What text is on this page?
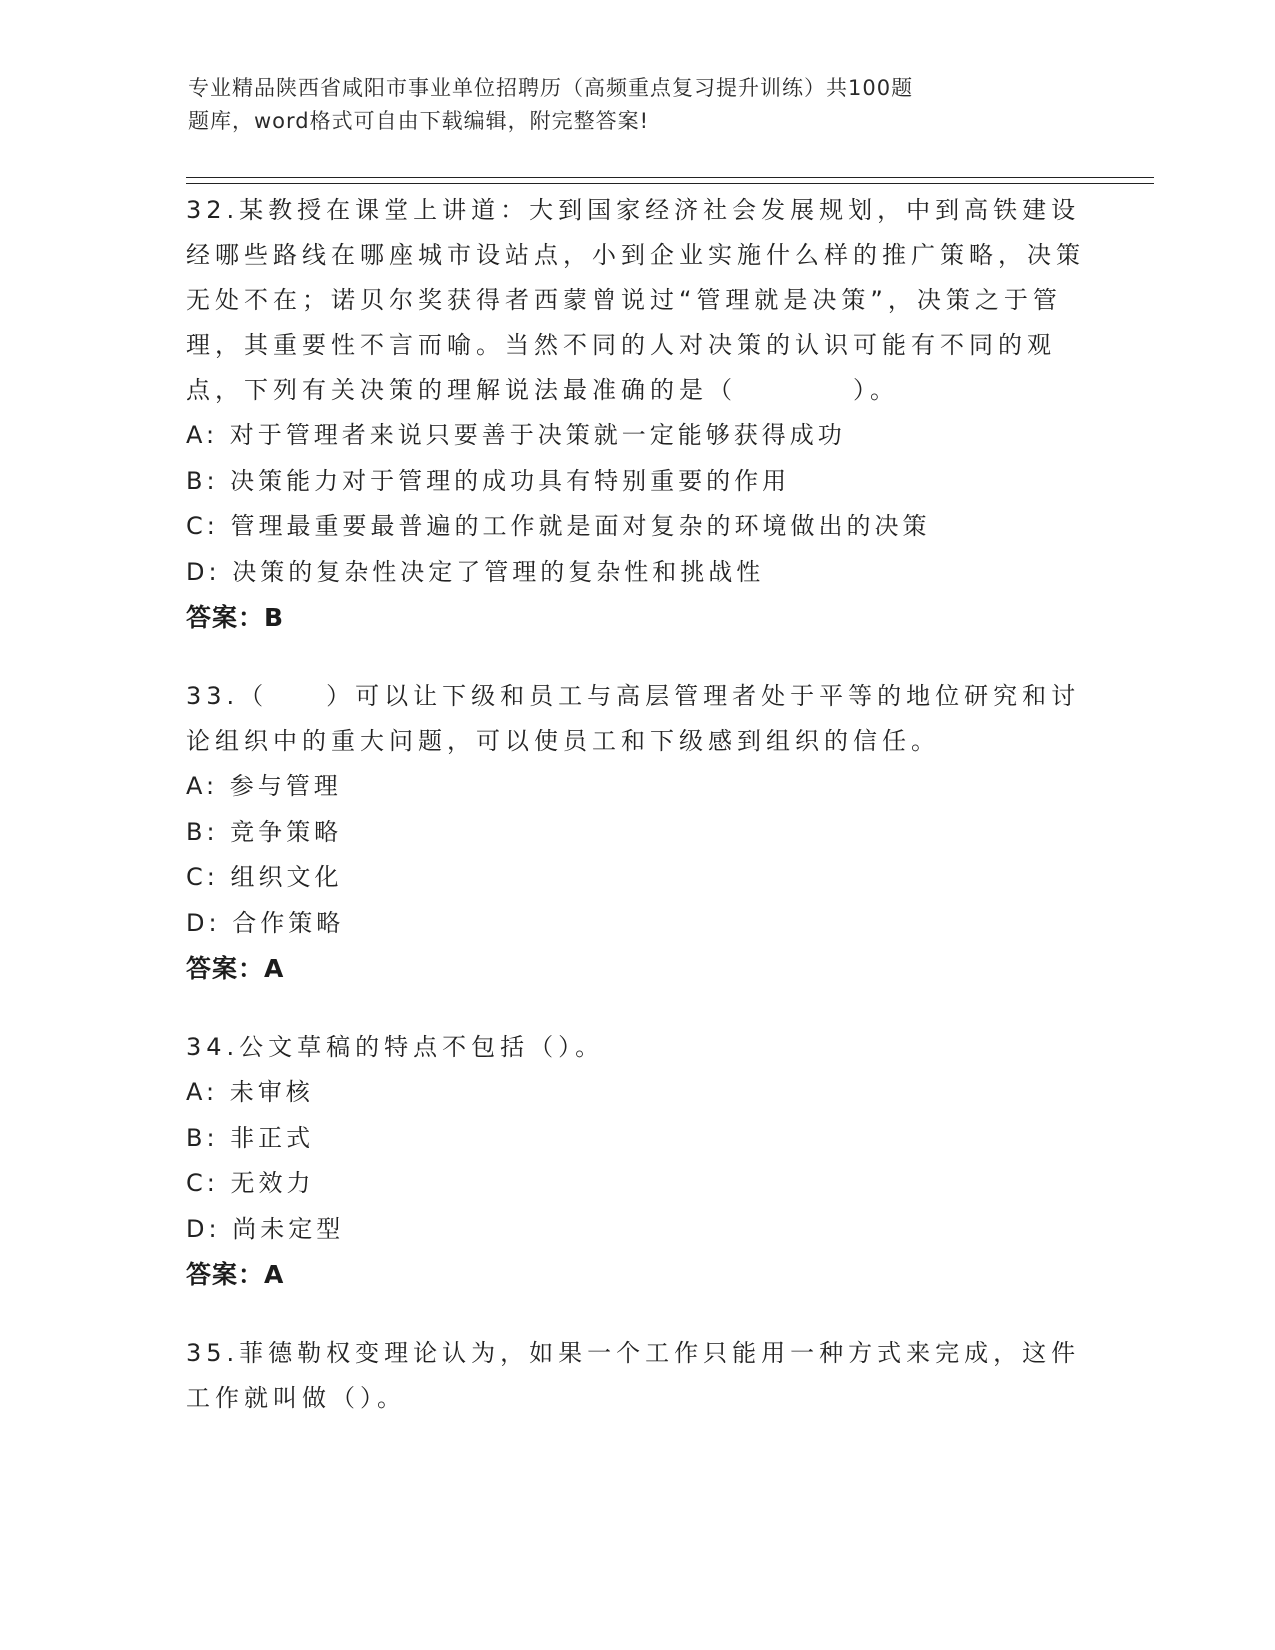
专业精品陕西省咸阳市事业单位招聘历（高频重点复习提升训练）共100题
题库，word格式可自由下载编辑，附完整答案!

32.某教授在课堂上讲道：大到国家经济社会发展规划，中到高铁建设经哪些路线在哪座城市设站点，小到企业实施什么样的推广策略，决策无处不在；诺贝尔奖获得者西蒙曾说过“管理就是决策”，决策之于管理，其重要性不言而喻。当然不同的人对决策的认识可能有不同的观点，下列有关决策的理解说法最准确的是（　　　　）。

A: 对于管理者来说只要善于决策就一定能够获得成功

B: 决策能力对于管理的成功具有特别重要的作用

C: 管理最重要最普遍的工作就是面对复杂的环境做出的决策

D: 决策的复杂性决定了管理的复杂性和挑战性

答案：B

33.（　　）可以让下级和员工与高层管理者处于平等的地位研究和讨论组织中的重大问题，可以使员工和下级感到组织的信任。

A: 参与管理

B: 竞争策略

C: 组织文化

D: 合作策略

答案：A

34.公文草稿的特点不包括（）。

A: 未审核

B: 非正式

C: 无效力

D: 尚未定型

答案：A

35.菲德勒权变理论认为，如果一个工作只能用一种方式来完成，这件工作就叫做（）。
